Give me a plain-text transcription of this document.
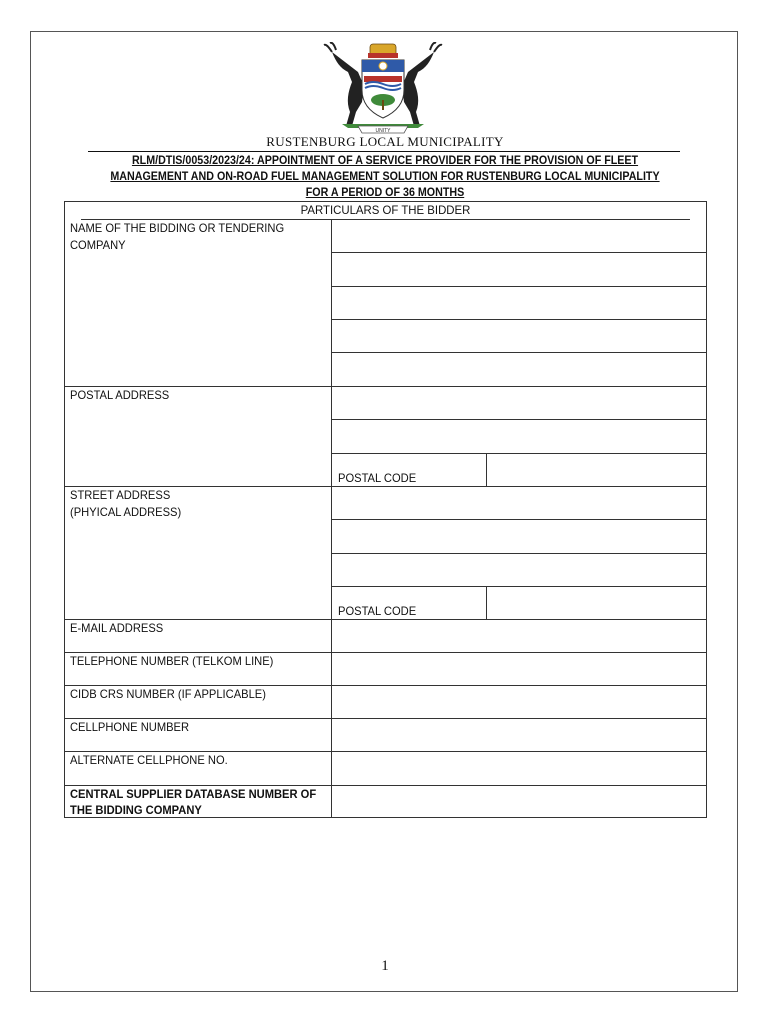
UNITY
RUSTENBURG LOCAL MUNICIPALITY
RLM/DTIS/0053/2023/24: APPOINTMENT OF A SERVICE PROVIDER FOR THE PROVISION OF FLEET
MANAGEMENT AND ON-ROAD FUEL MANAGEMENT SOLUTION FOR RUSTENBURG LOCAL MUNICIPALITY
FOR A PERIOD OF 36 MONTHS
PARTICULARS OF THE BIDDER
NAME OF THE BIDDING OR TENDERING
COMPANY
POSTAL ADDRESS
POSTAL CODE
STREET ADDRESS
(PHYICAL ADDRESS)
POSTAL CODE
E-MAIL ADDRESS
TELEPHONE NUMBER (TELKOM LINE)
CIDB CRS NUMBER (IF APPLICABLE)
CELLPHONE NUMBER
ALTERNATE CELLPHONE NO.
CENTRAL SUPPLIER DATABASE NUMBER OF
THE BIDDING COMPANY
1
